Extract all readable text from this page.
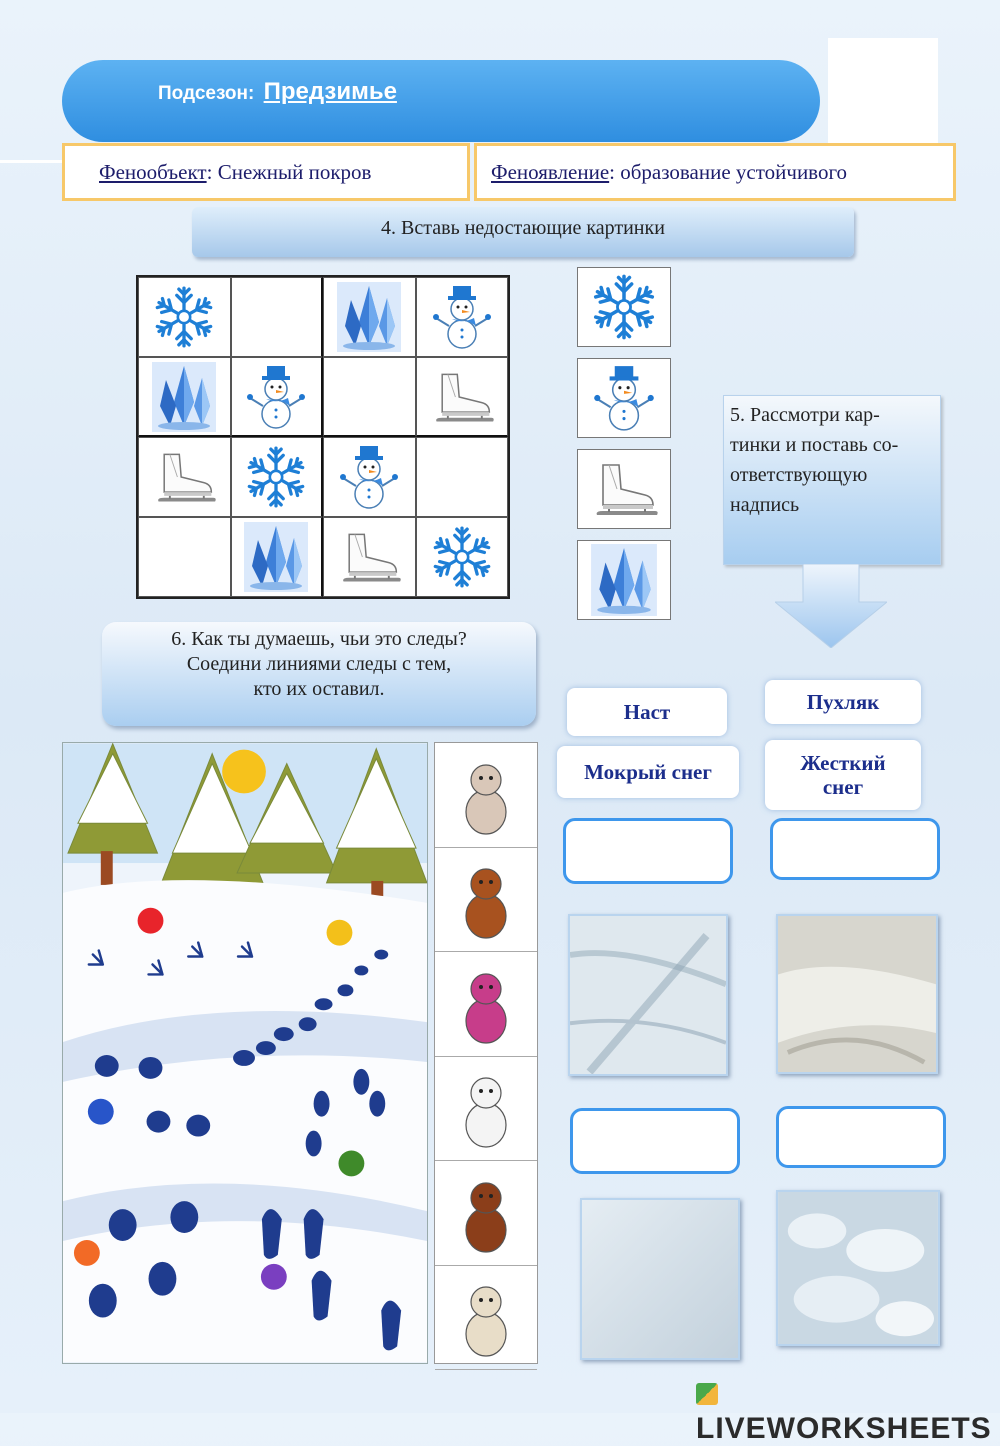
Подсезон: Предзимье
Фенообъект : Снежный покров	Феноявление : образование устойчивого
4. Вставь недостающие картинки
5. Рассмотри кар-
тинки и поставь со-
ответствующую
надпись
6. Как ты думаешь, чьи это следы?
Соедини линиями следы с тем,
кто их оставил.
Наст	Пухляк
Мокрый снег	Жесткий
снег
LIVEWORKSHEETS
